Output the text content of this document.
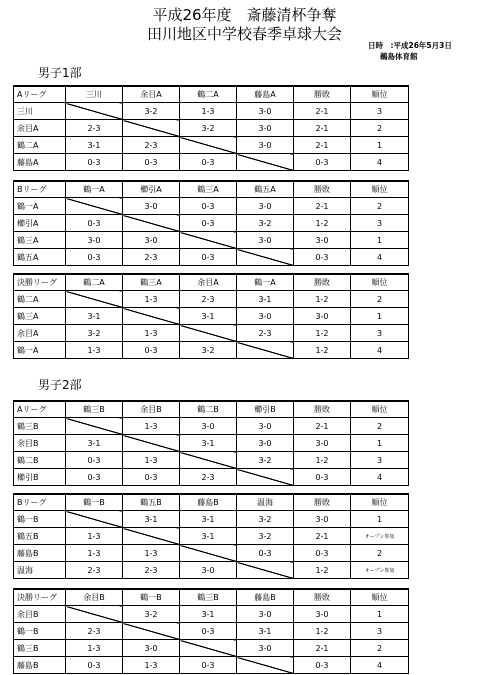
平成26年度　斎藤清杯争奪
田川地区中学校春季卓球大会
日時　:平成26年5月3日
鵜島体育館
男子1部
男子2部
Aリーグ	三川	余目A	鶴二A	藤島A	勝敗	順位
三川		3-2	1-3	3-0	2-1	3
余目A	2-3		3-2	3-0	2-1	2
鶴二A	3-1	2-3		3-0	2-1	1
藤島A	0-3	0-3	0-3		0-3	4
Bリーグ	鶴一A	櫛引A	鶴三A	鶴五A	勝敗	順位
鶴一A		3-0	0-3	3-0	2-1	2
櫛引A	0-3		0-3	3-2	1-2	3
鶴三A	3-0	3-0		3-0	3-0	1
鶴五A	0-3	2-3	0-3		0-3	4
決勝リーグ	鶴二A	鶴三A	余目A	鶴一A	勝敗	順位
鶴二A		1-3	2-3	3-1	1-2	2
鶴三A	3-1		3-1	3-0	3-0	1
余目A	3-2	1-3		2-3	1-2	3
鶴一A	1-3	0-3	3-2		1-2	4
Aリーグ	鶴三B	余目B	鶴二B	櫛引B	勝敗	順位
鶴三B		1-3	3-0	3-0	2-1	2
余目B	3-1		3-1	3-0	3-0	1
鶴二B	0-3	1-3		3-2	1-2	3
櫛引B	0-3	0-3	2-3		0-3	4
Bリーグ	鶴一B	鶴五B	藤島B	温海	勝敗	順位
鶴一B		3-1	3-1	3-2	3-0	1
鶴五B	1-3		3-1	3-2	2-1	オープン参加
藤島B	1-3	1-3		0-3	0-3	2
温海	2-3	2-3	3-0		1-2	オープン参加
決勝リーグ	余目B	鶴一B	鶴三B	藤島B	勝敗	順位
余目B		3-2	3-1	3-0	3-0	1
鶴一B	2-3		0-3	3-1	1-2	3
鶴三B	1-3	3-0		3-0	2-1	2
藤島B	0-3	1-3	0-3		0-3	4
